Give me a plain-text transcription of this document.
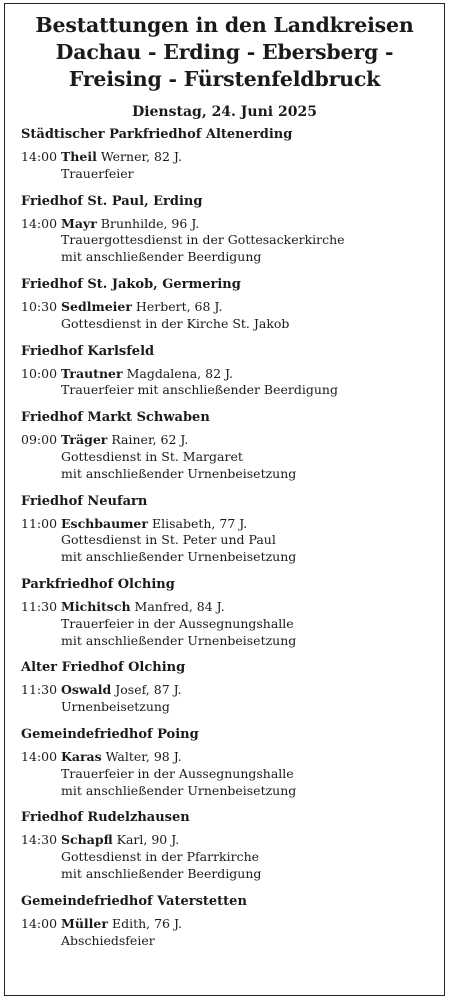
Bestattungen in den Landkreisen
Dachau - Erding - Ebersberg -
Freising - Fürstenfeldbruck
Dienstag, 24. Juni 2025
Städtischer Parkfriedhof Altenerding
14:00 Theil Werner, 82 J.
Trauerfeier
Friedhof St. Paul, Erding
14:00 Mayr Brunhilde, 96 J.
Trauergottesdienst in der Gottesackerkirche
mit anschließender Beerdigung
Friedhof St. Jakob, Germering
10:30 Sedlmeier Herbert, 68 J.
Gottesdienst in der Kirche St. Jakob
Friedhof Karlsfeld
10:00 Trautner Magdalena, 82 J.
Trauerfeier mit anschließender Beerdigung
Friedhof Markt Schwaben
09:00 Träger Rainer, 62 J.
Gottesdienst in St. Margaret
mit anschließender Urnenbeisetzung
Friedhof Neufarn
11:00 Eschbaumer Elisabeth, 77 J.
Gottesdienst in St. Peter und Paul
mit anschließender Urnenbeisetzung
Parkfriedhof Olching
11:30 Michitsch Manfred, 84 J.
Trauerfeier in der Aussegnungshalle
mit anschließender Urnenbeisetzung
Alter Friedhof Olching
11:30 Oswald Josef, 87 J.
Urnenbeisetzung
Gemeindefriedhof Poing
14:00 Karas Walter, 98 J.
Trauerfeier in der Aussegnungshalle
mit anschließender Urnenbeisetzung
Friedhof Rudelzhausen
14:30 Schapfl Karl, 90 J.
Gottesdienst in der Pfarrkirche
mit anschließender Beerdigung
Gemeindefriedhof Vaterstetten
14:00 Müller Edith, 76 J.
Abschiedsfeier
